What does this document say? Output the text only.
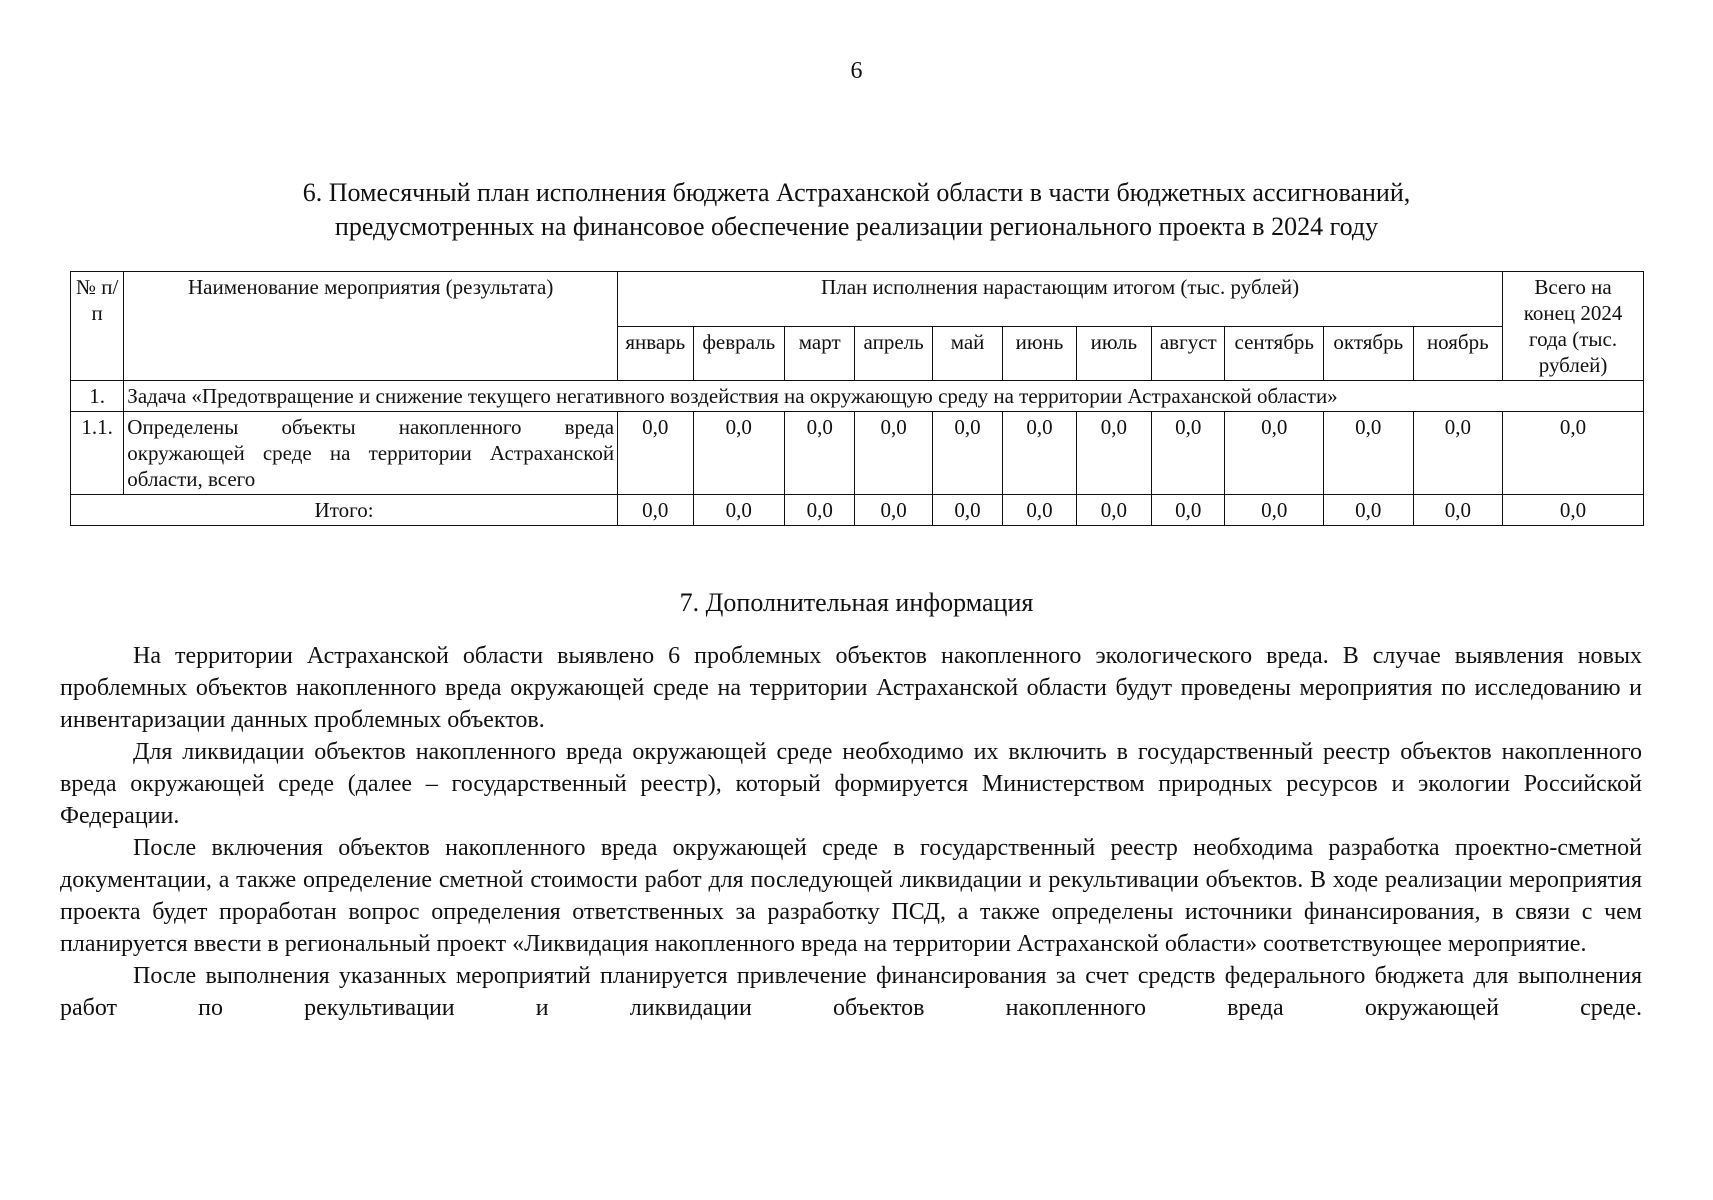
6
6. Помесячный план исполнения бюджета Астраханской области в части бюджетных ассигнований,
предусмотренных на финансовое обеспечение реализации регионального проекта в 2024 году
№ п/п	Наименование мероприятия (результата)	План исполнения нарастающим итогом (тыс. рублей)											Всего на конец 2024 года (тыс. рублей)
		январь	февраль	март	апрель	май	июнь	июль	август	сентябрь	октябрь	ноябрь	
1.	Задача «Предотвращение и снижение текущего негативного воздействия на окружающую среду на территории Астраханской области»												
1.1.	Определены объекты накопленного вреда окружающей среде на территории Астраханской области, всего	0,0	0,0	0,0	0,0	0,0	0,0	0,0	0,0	0,0	0,0	0,0	0,0
Итого:		0,0	0,0	0,0	0,0	0,0	0,0	0,0	0,0	0,0	0,0	0,0	0,0
7. Дополнительная информация

На территории Астраханской области выявлено 6 проблемных объектов накопленного экологического вреда. В случае выявления новых проблемных объектов накопленного вреда окружающей среде на территории Астраханской области будут проведены мероприятия по исследованию и инвентаризации данных проблемных объектов.

Для ликвидации объектов накопленного вреда окружающей среде необходимо их включить в государственный реестр объектов накопленного вреда окружающей среде (далее – государственный реестр), который формируется Министерством природных ресурсов и экологии Российской Федерации.

После включения объектов накопленного вреда окружающей среде в государственный реестр необходима разработка проектно-сметной документации, а также определение сметной стоимости работ для последующей ликвидации и рекультивации объектов. В ходе реализации мероприятия проекта будет проработан вопрос определения ответственных за разработку ПСД, а также определены источники финансирования, в связи с чем планируется ввести в региональный проект «Ликвидация накопленного вреда на территории Астраханской области» соответствующее мероприятие.

После выполнения указанных мероприятий планируется привлечение финансирования за счет средств федерального бюджета для выполнения работ по рекультивации и ликвидации объектов накопленного вреда окружающей среде.
